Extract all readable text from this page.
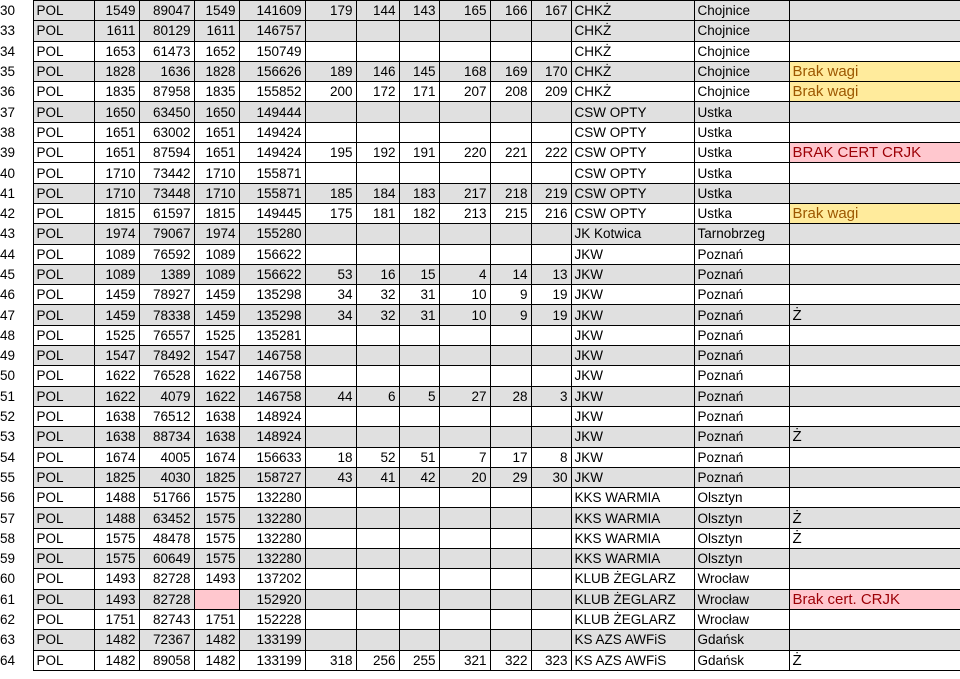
30	POL	1549	89047	1549	141609	179	144	143	165	166	167	CHKŻ	Chojnice	
33	POL	1611	80129	1611	146757							CHKŻ	Chojnice	
34	POL	1653	61473	1652	150749							CHKŻ	Chojnice	
35	POL	1828	1636	1828	156626	189	146	145	168	169	170	CHKŻ	Chojnice	Brak wagi
36	POL	1835	87958	1835	155852	200	172	171	207	208	209	CHKŻ	Chojnice	Brak wagi
37	POL	1650	63450	1650	149444							CSW OPTY	Ustka	
38	POL	1651	63002	1651	149424							CSW OPTY	Ustka	
39	POL	1651	87594	1651	149424	195	192	191	220	221	222	CSW OPTY	Ustka	BRAK CERT CRJK
40	POL	1710	73442	1710	155871							CSW OPTY	Ustka	
41	POL	1710	73448	1710	155871	185	184	183	217	218	219	CSW OPTY	Ustka	
42	POL	1815	61597	1815	149445	175	181	182	213	215	216	CSW OPTY	Ustka	Brak wagi
43	POL	1974	79067	1974	155280							JK Kotwica	Tarnobrzeg	
44	POL	1089	76592	1089	156622							JKW	Poznań	
45	POL	1089	1389	1089	156622	53	16	15	4	14	13	JKW	Poznań	
46	POL	1459	78927	1459	135298	34	32	31	10	9	19	JKW	Poznań	
47	POL	1459	78338	1459	135298	34	32	31	10	9	19	JKW	Poznań	Ż
48	POL	1525	76557	1525	135281							JKW	Poznań	
49	POL	1547	78492	1547	146758							JKW	Poznań	
50	POL	1622	76528	1622	146758							JKW	Poznań	
51	POL	1622	4079	1622	146758	44	6	5	27	28	3	JKW	Poznań	
52	POL	1638	76512	1638	148924							JKW	Poznań	
53	POL	1638	88734	1638	148924							JKW	Poznań	Ż
54	POL	1674	4005	1674	156633	18	52	51	7	17	8	JKW	Poznań	
55	POL	1825	4030	1825	158727	43	41	42	20	29	30	JKW	Poznań	
56	POL	1488	51766	1575	132280							KKS WARMIA	Olsztyn	
57	POL	1488	63452	1575	132280							KKS WARMIA	Olsztyn	Ż
58	POL	1575	48478	1575	132280							KKS WARMIA	Olsztyn	Ż
59	POL	1575	60649	1575	132280							KKS WARMIA	Olsztyn	
60	POL	1493	82728	1493	137202							KLUB ŻEGLARZ	Wrocław	
61	POL	1493	82728		152920							KLUB ŻEGLARZ	Wrocław	Brak cert. CRJK
62	POL	1751	82743	1751	152228							KLUB ŻEGLARZ	Wrocław	
63	POL	1482	72367	1482	133199							KS AZS AWFiS	Gdańsk	
64	POL	1482	89058	1482	133199	318	256	255	321	322	323	KS AZS AWFiS	Gdańsk	Ż
